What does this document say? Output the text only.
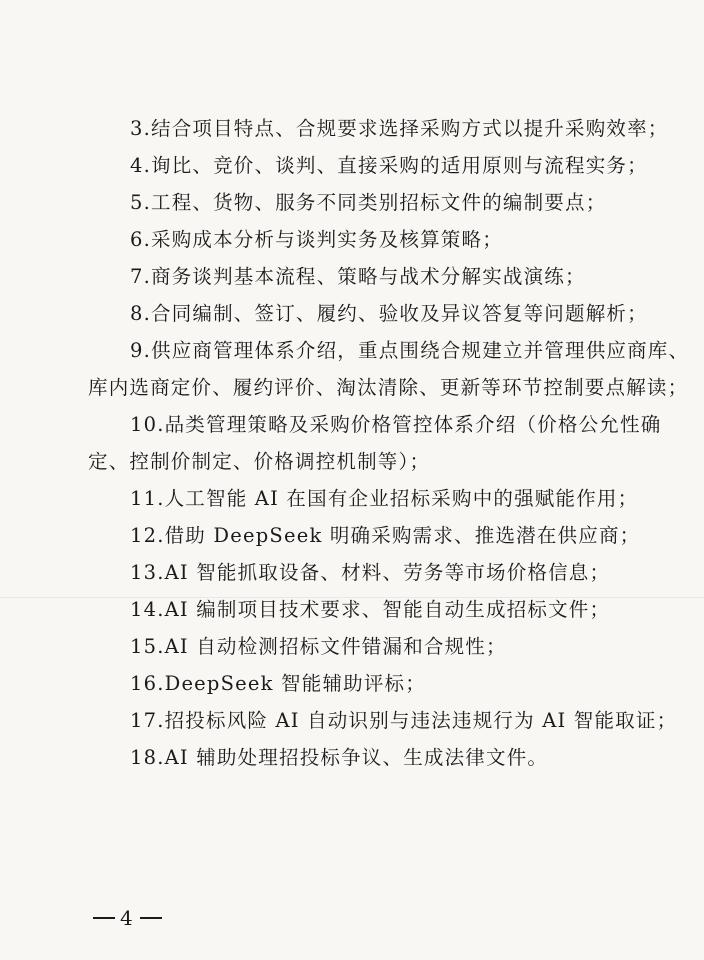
3.结合项目特点、合规要求选择采购方式以提升采购效率；
4.询比、竞价、谈判、直接采购的适用原则与流程实务；
5.工程、货物、服务不同类别招标文件的编制要点；
6.采购成本分析与谈判实务及核算策略；
7.商务谈判基本流程、策略与战术分解实战演练；
8.合同编制、签订、履约、验收及异议答复等问题解析；
9.供应商管理体系介绍，重点围绕合规建立并管理供应商库、
库内选商定价、履约评价、淘汰清除、更新等环节控制要点解读；
10.品类管理策略及采购价格管控体系介绍（价格公允性确
定、控制价制定、价格调控机制等）；
11.人工智能 AI 在国有企业招标采购中的强赋能作用；
12.借助 DeepSeek 明确采购需求、推选潜在供应商；
13.AI 智能抓取设备、材料、劳务等市场价格信息；
14.AI 编制项目技术要求、智能自动生成招标文件；
15.AI 自动检测招标文件错漏和合规性；
16.DeepSeek 智能辅助评标；
17.招投标风险 AI 自动识别与违法违规行为 AI 智能取证；
18.AI 辅助处理招投标争议、生成法律文件。
4
